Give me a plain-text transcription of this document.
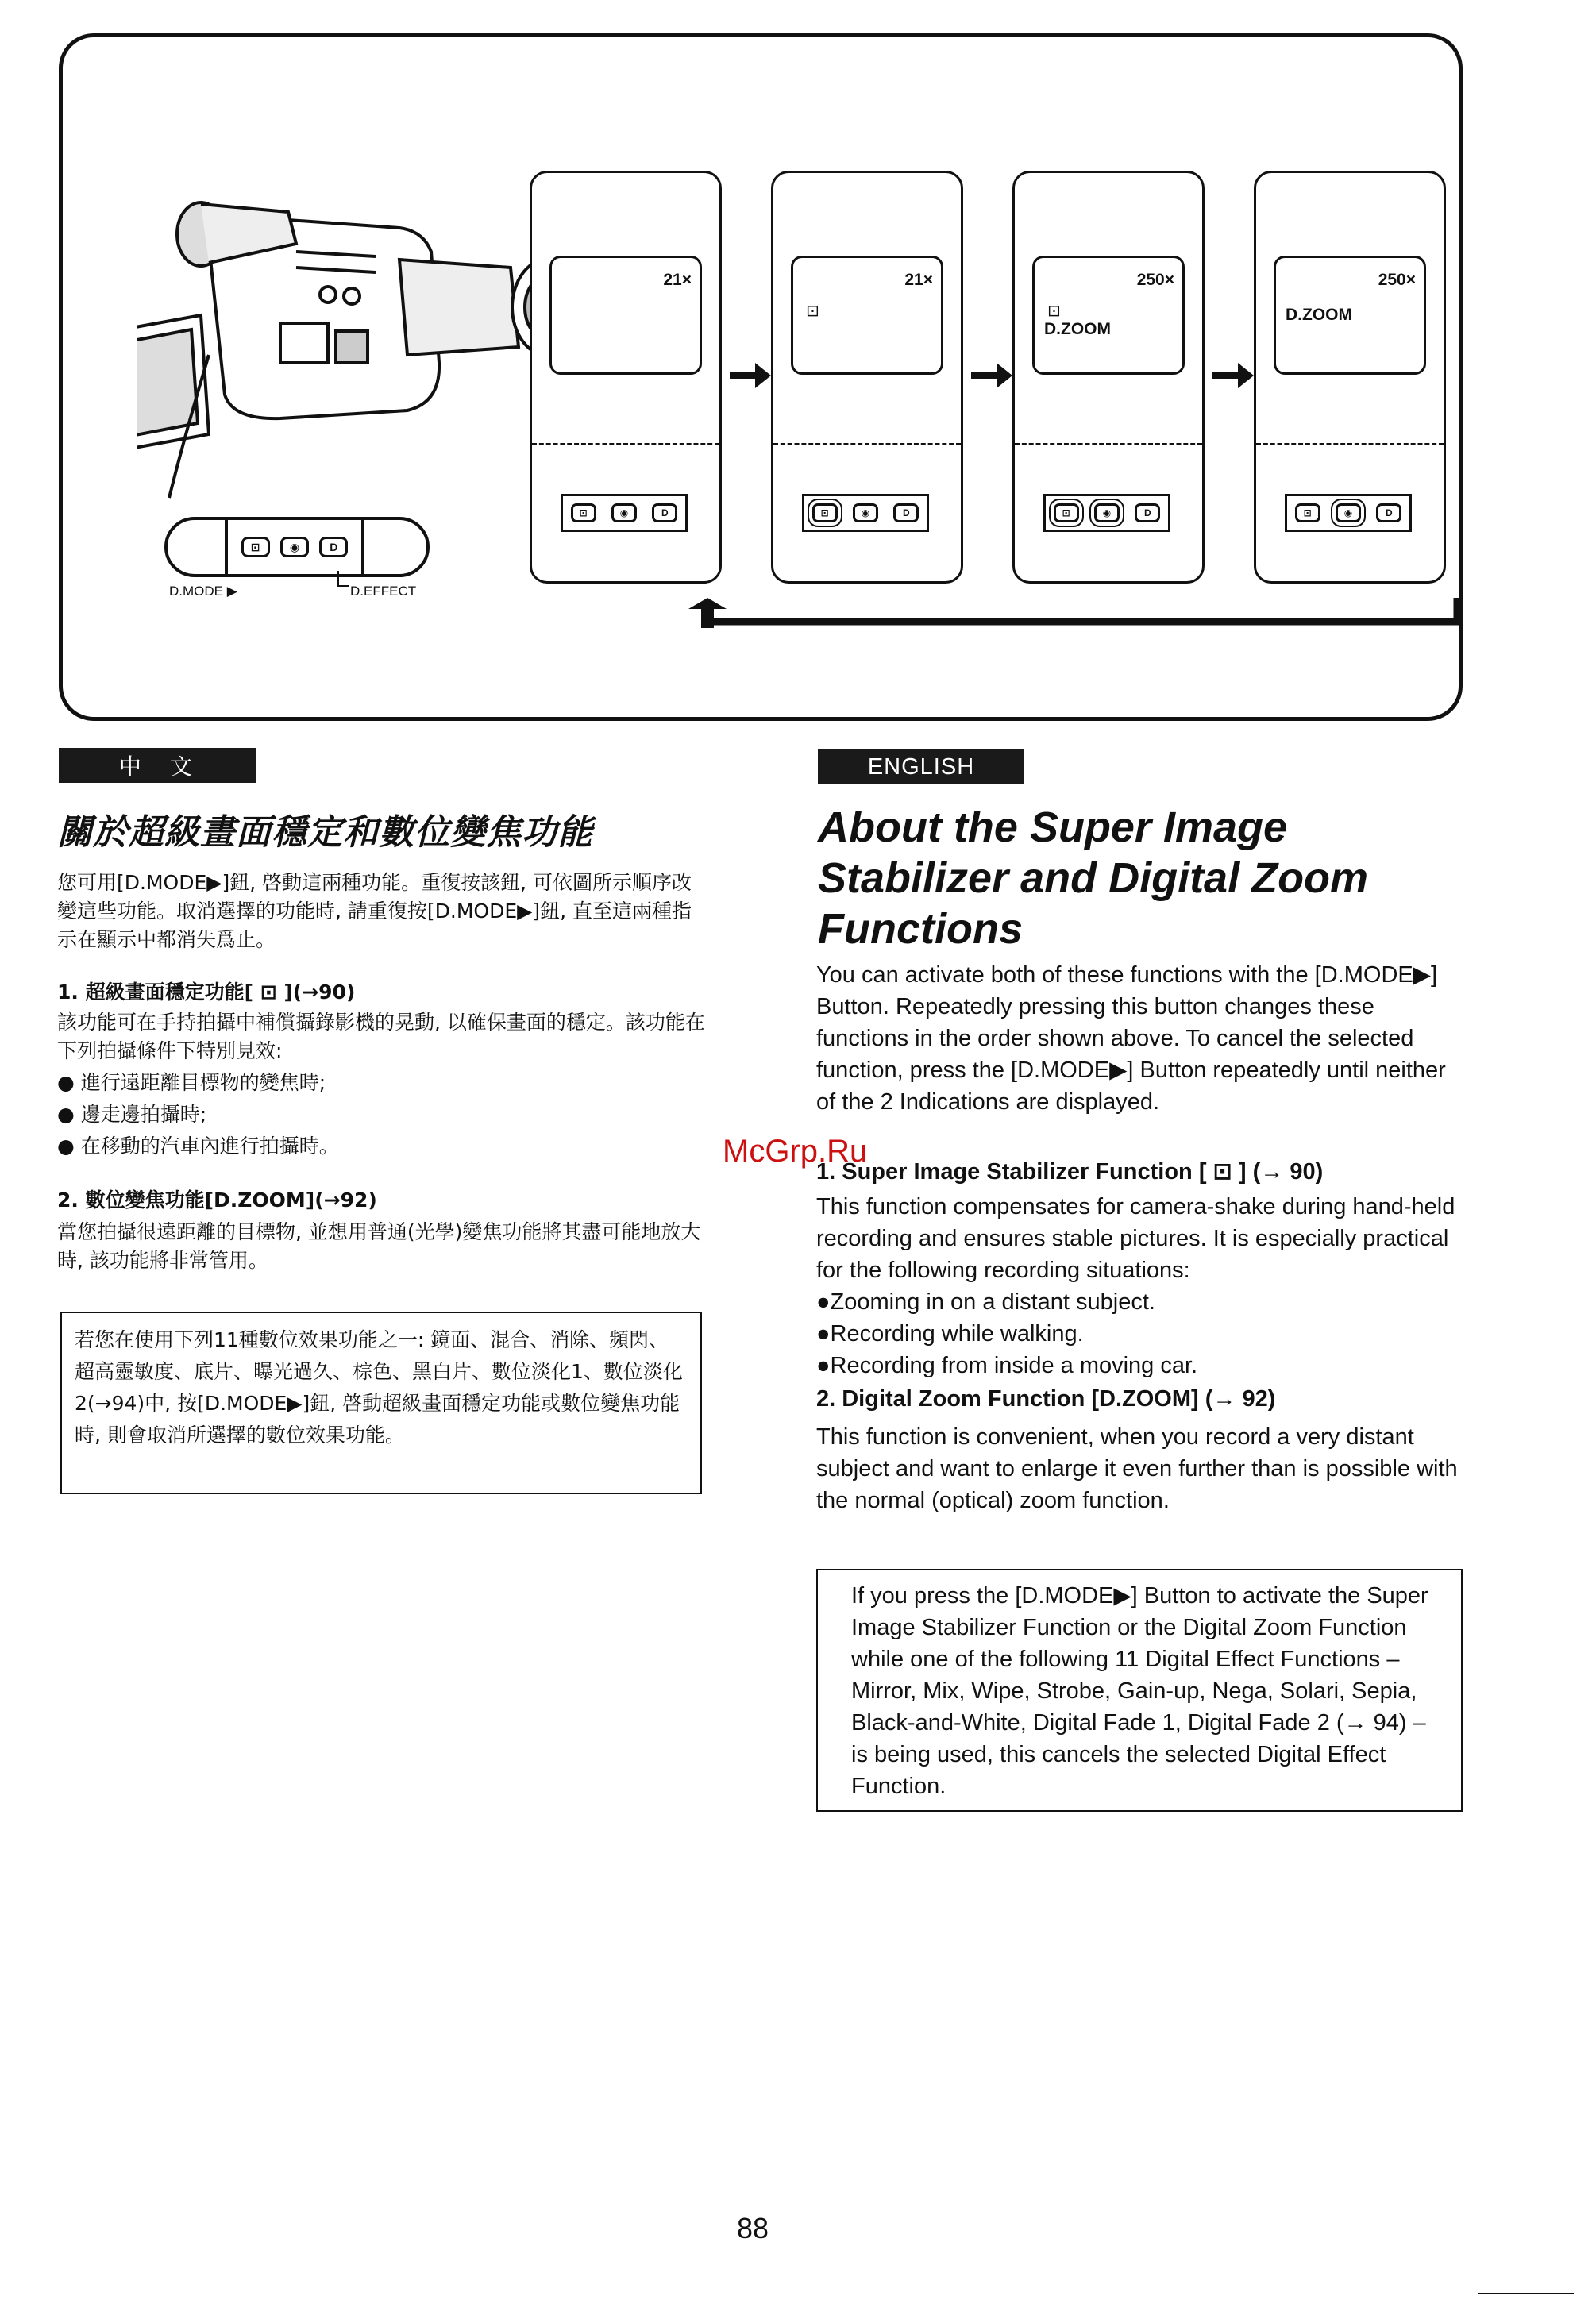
⊡	◉	D
D.MODE ▶	D.EFFECT
21×
⊡	◉	D
21×
⊡
⊡	◉	D
250×
⊡
D.ZOOM
⊡	◉	D
250×
D.ZOOM
⊡	◉	D
中　文
關於超級畫面穩定和數位變焦功能
您可用[D.MODE▶]鈕, 啓動這兩種功能。重復按該鈕, 可依圖所示順序改變這些功能。取消選擇的功能時, 請重復按[D.MODE▶]鈕, 直至這兩種指示在顯示中都消失爲止。
1. 超級畫面穩定功能[ ⊡ ](→90)
該功能可在手持拍攝中補償攝錄影機的晃動, 以確保畫面的穩定。該功能在下列拍攝條件下特別見效:
● 進行遠距離目標物的變焦時;
● 邊走邊拍攝時;
● 在移動的汽車內進行拍攝時。
2. 數位變焦功能[D.ZOOM](→92)
當您拍攝很遠距離的目標物, 並想用普通(光學)變焦功能將其盡可能地放大時, 該功能將非常管用。
若您在使用下列11種數位效果功能之一: 鏡面、混合、消除、頻閃、超高靈敏度、底片、曝光過久、棕色、黑白片、數位淡化1、數位淡化2(→94)中, 按[D.MODE▶]鈕, 啓動超級畫面穩定功能或數位變焦功能時, 則會取消所選擇的數位效果功能。
ENGLISH
About the Super Image
Stabilizer and Digital Zoom
Functions
You can activate both of these functions with the [D.MODE▶] Button. Repeatedly pressing this button changes these functions in the order shown above. To cancel the selected function, press the [D.MODE▶] Button repeatedly until neither of the 2 Indications are displayed.
1. Super Image Stabilizer Function [ ⊡ ] (→ 90)
This function compensates for camera-shake during hand-held recording and ensures stable pictures. It is especially practical for the following recording situations:
●Zooming in on a distant subject.
●Recording while walking.
●Recording from inside a moving car.
2. Digital Zoom Function [D.ZOOM] (→ 92)
This function is convenient, when you record a very distant subject and want to enlarge it even further than is possible with the normal (optical) zoom function.
If you press the [D.MODE▶] Button to activate the Super Image Stabilizer Function or the Digital Zoom Function while one of the following 11 Digital Effect Functions – Mirror, Mix, Wipe, Strobe, Gain-up, Nega, Solari, Sepia, Black-and-White, Digital Fade 1, Digital Fade 2 (→ 94) – is being used, this cancels the selected Digital Effect Function.
McGrp.Ru
88
